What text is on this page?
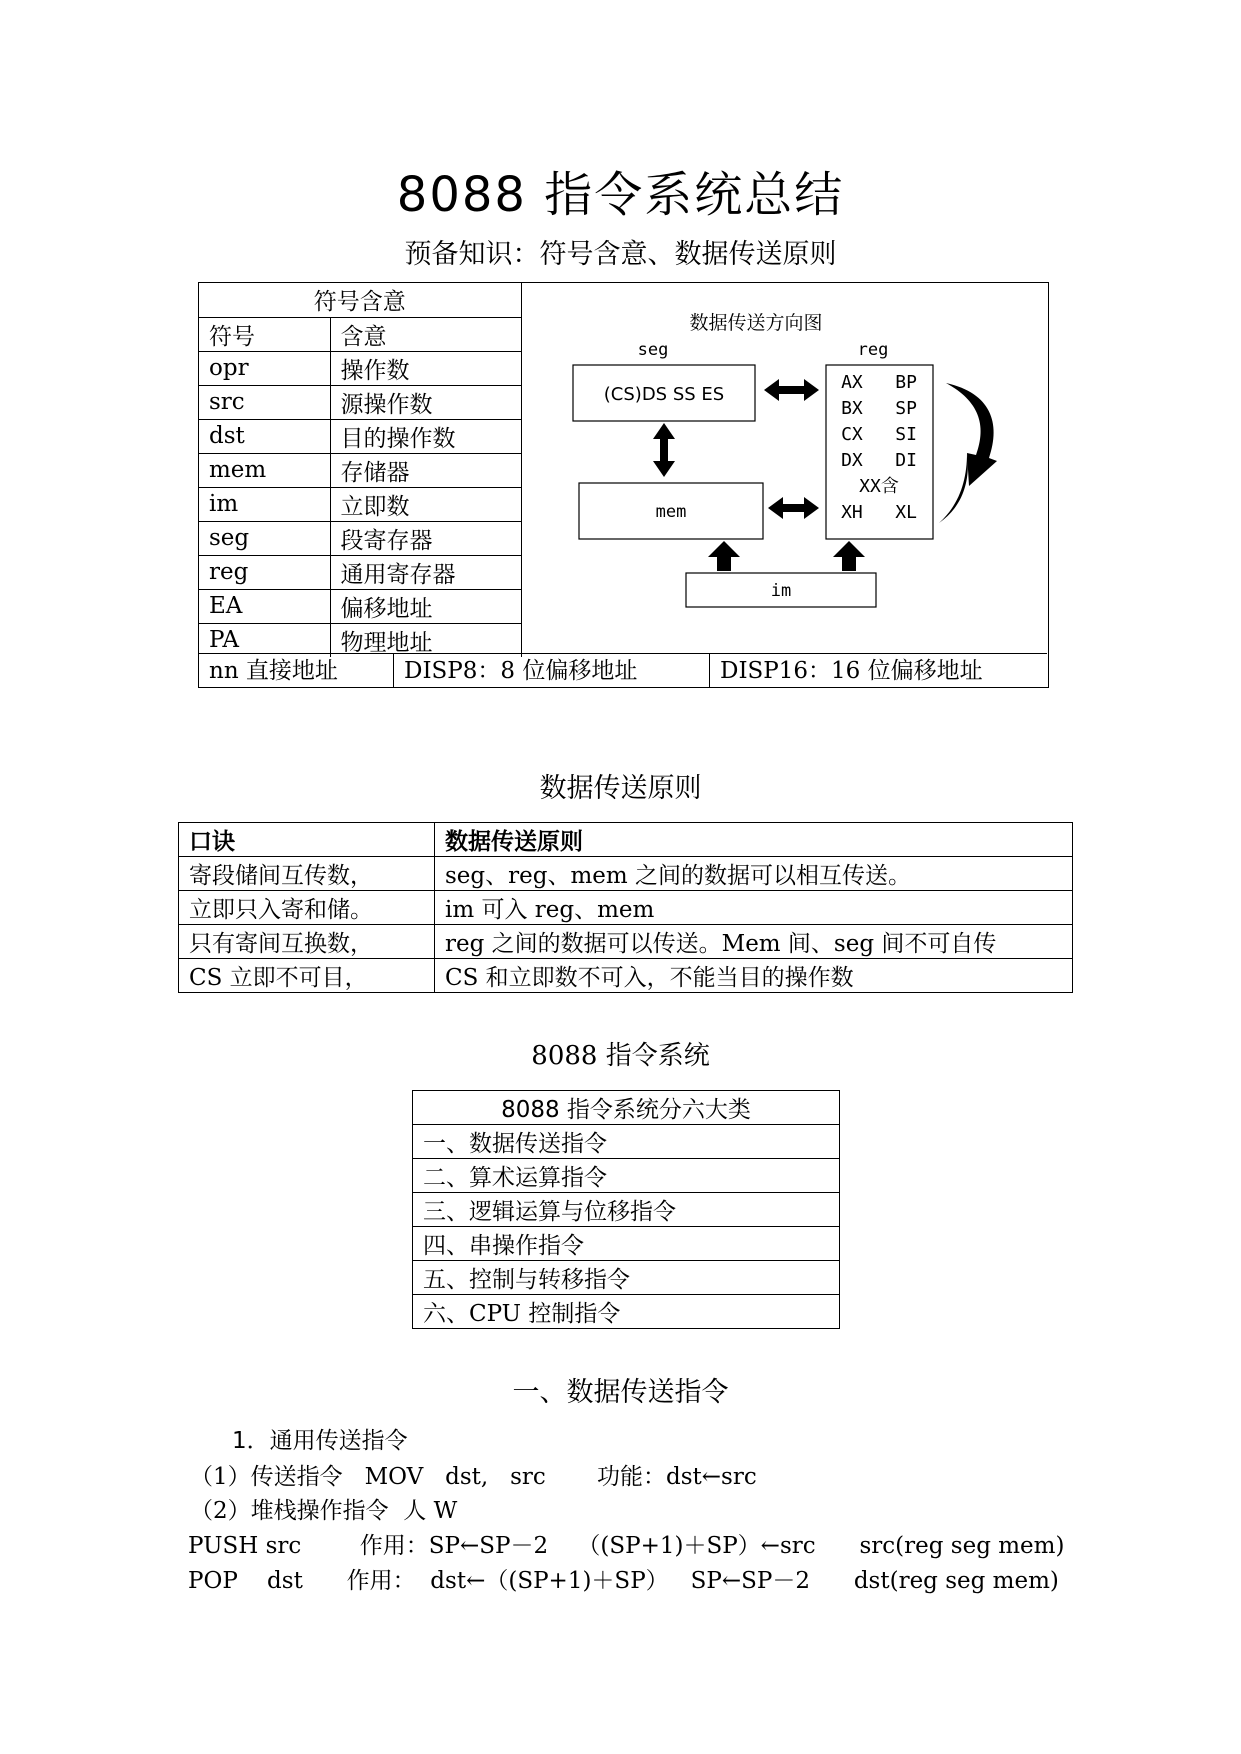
8088 指令系统总结
预备知识：符号含意、数据传送原则
符号含意	
符号	含意
opr	操作数
src	源操作数
dst	目的操作数
mem	存储器
im	立即数
seg	段寄存器
reg	通用寄存器
EA	偏移地址
PA	物理地址
数据传送方向图
seg	reg
(CS)DS SS ES
mem
AX   BP
BX   SP
CX   SI
DX   DI
XX含
XH   XL
im
nn 直接地址	DISP8：8 位偏移地址	DISP16：16 位偏移地址
数据传送原则
口诀	数据传送原则
寄段储间互传数，	seg、reg、mem 之间的数据可以相互传送。
立即只入寄和储。	im 可入 reg、mem
只有寄间互换数，	reg 之间的数据可以传送。Mem 间、seg 间不可自传
CS 立即不可目，	CS 和立即数不可入，不能当目的操作数
8088 指令系统
8088 指令系统分六大类
一、数据传送指令
二、算术运算指令
三、逻辑运算与位移指令
四、串操作指令
五、控制与转移指令
六、CPU 控制指令
一、数据传送指令

1．通用传送指令

（1）传送指令   MOV   dst,   src       功能：dst←src

（2）堆栈操作指令  人 W

PUSH src        作用：SP←SP－2    （(SP+1)＋SP）←src      src(reg seg mem)

POP    dst      作用：  dst←（(SP+1)＋SP）   SP←SP－2      dst(reg seg mem)
